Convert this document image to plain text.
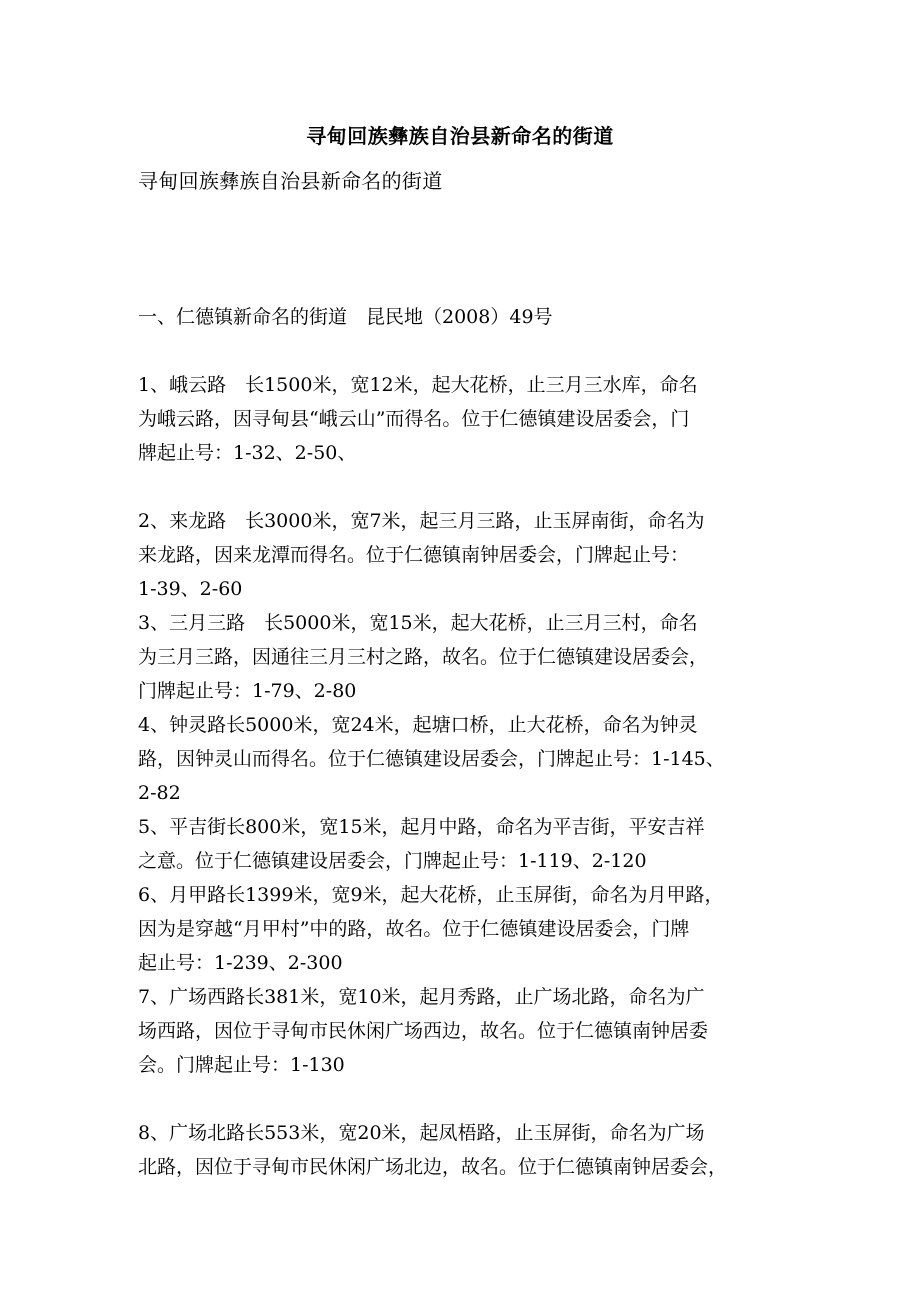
寻甸回族彝族自治县新命名的街道
寻甸回族彝族自治县新命名的街道
一、仁德镇新命名的街道　昆民地（2008）49号

1、峨云路　长1500米，宽12米，起大花桥，止三月三水库，命名
为峨云路，因寻甸县“峨云山”而得名。位于仁德镇建设居委会，门
牌起止号：1-32、2-50、

2、来龙路　长3000米，宽7米，起三月三路，止玉屏南街，命名为
来龙路，因来龙潭而得名。位于仁德镇南钟居委会，门牌起止号：
1-39、2-60

3、三月三路　长5000米，宽15米，起大花桥，止三月三村，命名
为三月三路，因通往三月三村之路，故名。位于仁德镇建设居委会，
门牌起止号：1-79、2-80

4、钟灵路长5000米，宽24米，起塘口桥，止大花桥，命名为钟灵
路，因钟灵山而得名。位于仁德镇建设居委会，门牌起止号：1-145、
2-82

5、平吉街长800米，宽15米，起月中路，命名为平吉街，平安吉祥
之意。位于仁德镇建设居委会，门牌起止号：1-119、2-120

6、月甲路长1399米，宽9米，起大花桥，止玉屏街，命名为月甲路，
因为是穿越“月甲村”中的路，故名。位于仁德镇建设居委会，门牌
起止号：1-239、2-300

7、广场西路长381米，宽10米，起月秀路，止广场北路，命名为广
场西路，因位于寻甸市民休闲广场西边，故名。位于仁德镇南钟居委
会。门牌起止号：1-130

8、广场北路长553米，宽20米，起凤梧路，止玉屏街，命名为广场
北路，因位于寻甸市民休闲广场北边，故名。位于仁德镇南钟居委会，
